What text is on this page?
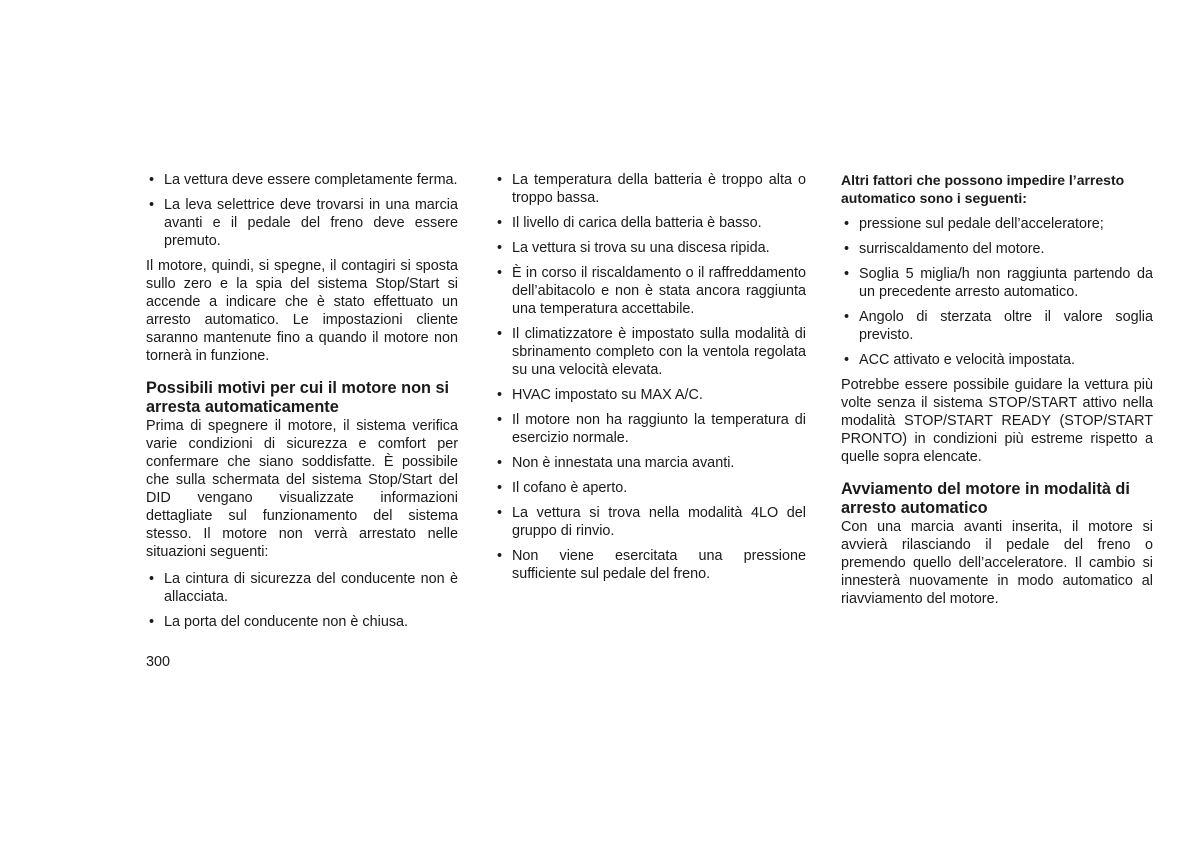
• La vettura deve essere completamente ferma.
• La leva selettrice deve trovarsi in una marcia avanti e il pedale del freno deve essere premuto.

Il motore, quindi, si spegne, il contagiri si sposta sullo zero e la spia del sistema Stop/Start si accende a indicare che è stato effettuato un arresto automatico. Le impostazioni cliente saranno mantenute fino a quando il motore non tornerà in funzione.

Possibili motivi per cui il motore non si arresta automaticamente

Prima di spegnere il motore, il sistema verifica varie condizioni di sicurezza e comfort per confermare che siano soddisfatte. È possibile che sulla schermata del sistema Stop/Start del DID vengano visualizzate informazioni dettagliate sul funzionamento del sistema stesso. Il motore non verrà arrestato nelle situazioni seguenti:

• La cintura di sicurezza del conducente non è allacciata.
• La porta del conducente non è chiusa.
• La temperatura della batteria è troppo alta o troppo bassa.
• Il livello di carica della batteria è basso.
• La vettura si trova su una discesa ripida.
• È in corso il riscaldamento o il raffreddamento dell’abitacolo e non è stata ancora raggiunta una temperatura accettabile.
• Il climatizzatore è impostato sulla modalità di sbrinamento completo con la ventola regolata su una velocità elevata.
• HVAC impostato su MAX A/C.
• Il motore non ha raggiunto la temperatura di esercizio normale.
• Non è innestata una marcia avanti.
• Il cofano è aperto.
• La vettura si trova nella modalità 4LO del gruppo di rinvio.
• Non viene esercitata una pressione sufficiente sul pedale del freno.

Altri fattori che possono impedire l’arresto automatico sono i seguenti:

• pressione sul pedale dell’acceleratore;
• surriscaldamento del motore.
• Soglia 5 miglia/h non raggiunta partendo da un precedente arresto automatico.
• Angolo di sterzata oltre il valore soglia previsto.
• ACC attivato e velocità impostata.

Potrebbe essere possibile guidare la vettura più volte senza il sistema STOP/START attivo nella modalità STOP/START READY (STOP/START PRONTO) in condizioni più estreme rispetto a quelle sopra elencate.

Avviamento del motore in modalità di arresto automatico

Con una marcia avanti inserita, il motore si avvierà rilasciando il pedale del freno o premendo quello dell’acceleratore. Il cambio si innesterà nuovamente in modo automatico al riavviamento del motore.

300
